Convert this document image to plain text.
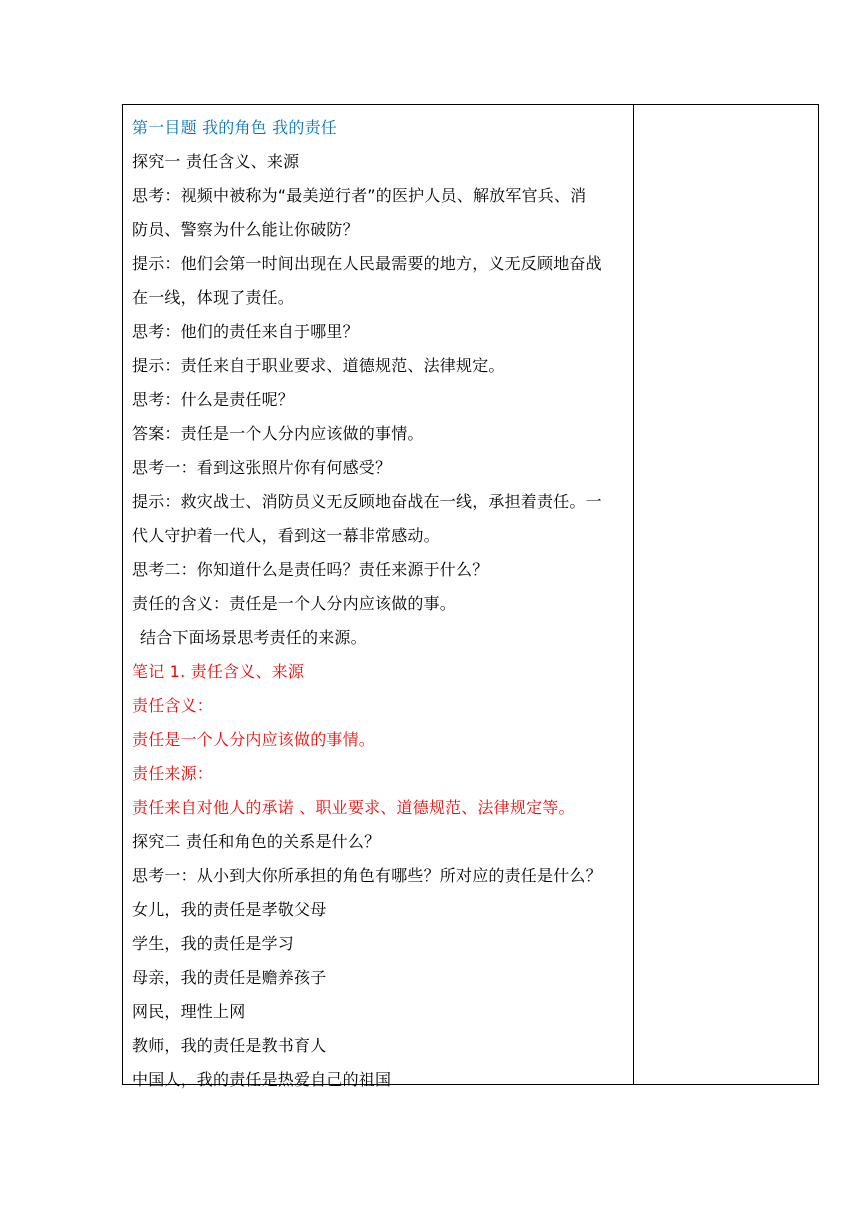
第一目题 我的角色 我的责任
探究一 责任含义、来源
思考：视频中被称为“最美逆行者”的医护人员、解放军官兵、消
防员、警察为什么能让你破防？
提示：他们会第一时间出现在人民最需要的地方，义无反顾地奋战
在一线，体现了责任。
思考：他们的责任来自于哪里？
提示：责任来自于职业要求、道德规范、法律规定。
思考：什么是责任呢？
答案：责任是一个人分内应该做的事情。
思考一：看到这张照片你有何感受？
提示：救灾战士、消防员义无反顾地奋战在一线，承担着责任。一
代人守护着一代人，看到这一幕非常感动。
思考二：你知道什么是责任吗？责任来源于什么？
责任的含义：责任是一个人分内应该做的事。
结合下面场景思考责任的来源。
笔记 1. 责任含义、来源
责任含义：
责任是一个人分内应该做的事情。
责任来源：
责任来自对他人的承诺 、职业要求、道德规范、法律规定等。
探究二 责任和角色的关系是什么？
思考一：从小到大你所承担的角色有哪些？所对应的责任是什么？
女儿，我的责任是孝敬父母
学生，我的责任是学习
母亲，我的责任是赡养孩子
网民，理性上网
教师，我的责任是教书育人
中国人，我的责任是热爱自己的祖国
